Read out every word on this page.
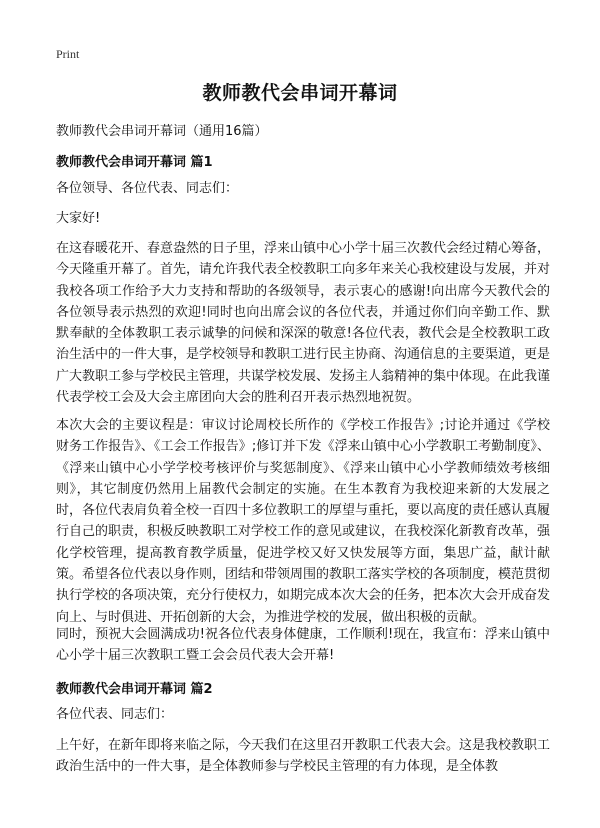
Print
教师教代会串词开幕词
教师教代会串词开幕词（通用16篇）
教师教代会串词开幕词 篇1

各位领导、各位代表、同志们：

大家好!

在这春暖花开、春意盎然的日子里，浮来山镇中心小学十届三次教代会经过精心筹备，今天隆重开幕了。首先，请允许我代表全校教职工向多年来关心我校建设与发展，并对我校各项工作给予大力支持和帮助的各级领导，表示衷心的感谢!向出席今天教代会的各位领导表示热烈的欢迎!同时也向出席会议的各位代表，并通过你们向辛勤工作、默默奉献的全体教职工表示诚挚的问候和深深的敬意!各位代表，教代会是全校教职工政治生活中的一件大事，是学校领导和教职工进行民主协商、沟通信息的主要渠道，更是广大教职工参与学校民主管理，共谋学校发展、发扬主人翁精神的集中体现。在此我谨代表学校工会及大会主席团向大会的胜利召开表示热烈地祝贺。

本次大会的主要议程是：审议讨论周校长所作的《学校工作报告》;讨论并通过《学校财务工作报告》、《工会工作报告》;修订并下发《浮来山镇中心小学教职工考勤制度》、《浮来山镇中心小学学校考核评价与奖惩制度》、《浮来山镇中心小学教师绩效考核细则》，其它制度仍然用上届教代会制定的实施。在生本教育为我校迎来新的大发展之时，各位代表肩负着全校一百四十多位教职工的厚望与重托，要以高度的责任感认真履行自己的职责，积极反映教职工对学校工作的意见或建议，在我校深化新教育改革，强化学校管理，提高教育教学质量，促进学校又好又快发展等方面，集思广益，献计献策。希望各位代表以身作则，团结和带领周围的教职工落实学校的各项制度，模范贯彻执行学校的各项决策，充分行使权力，如期完成本次大会的任务，把本次大会开成奋发向上、与时俱进、开拓创新的大会，为推进学校的发展，做出积极的贡献。

同时，预祝大会圆满成功!祝各位代表身体健康，工作顺利!现在，我宣布：浮来山镇中心小学十届三次教职工暨工会会员代表大会开幕!

教师教代会串词开幕词 篇2

各位代表、同志们：

上午好，在新年即将来临之际，今天我们在这里召开教职工代表大会。这是我校教职工政治生活中的一件大事，是全体教师参与学校民主管理的有力体现，是全体教
